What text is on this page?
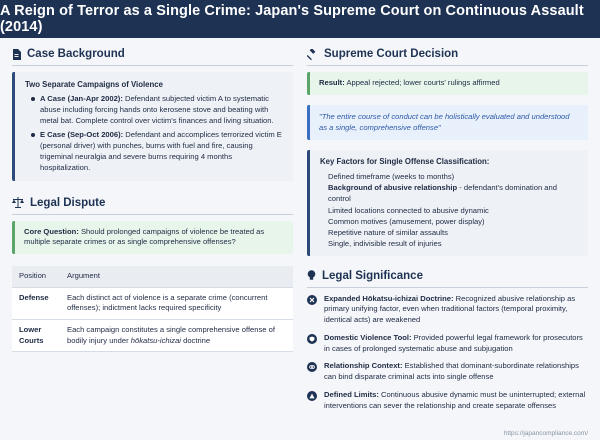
A Reign of Terror as a Single Crime: Japan's Supreme Court on Continuous Assault (2014)
Case Background
Two Separate Campaigns of Violence
A Case (Jan-Apr 2002): Defendant subjected victim A to systematic abuse including forcing hands onto kerosene stove and beating with metal bat. Complete control over victim's finances and living situation.
E Case (Sep-Oct 2006): Defendant and accomplices terrorized victim E (personal driver) with punches, burns with fuel and fire, causing trigeminal neuralgia and severe burns requiring 4 months hospitalization.
Legal Dispute
Core Question: Should prolonged campaigns of violence be treated as multiple separate crimes or as single comprehensive offenses?
Position	Argument
Defense	Each distinct act of violence is a separate crime (concurrent offenses); indictment lacks required specificity
Lower Courts	Each campaign constitutes a single comprehensive offense of bodily injury under hōkatsu-ichizai doctrine
Supreme Court Decision
Result: Appeal rejected; lower courts' rulings affirmed
"The entire course of conduct can be holistically evaluated and understood as a single, comprehensive offense"
Key Factors for Single Offense Classification:
Defined timeframe (weeks to months)
Background of abusive relationship - defendant's domination and control
Limited locations connected to abusive dynamic
Common motives (amusement, power display)
Repetitive nature of similar assaults
Single, indivisible result of injuries
Legal Significance
Expanded Hōkatsu-ichizai Doctrine: Recognized abusive relationship as primary unifying factor, even when traditional factors (temporal proximity, identical acts) are weakened
Domestic Violence Tool: Provided powerful legal framework for prosecutors in cases of prolonged systematic abuse and subjugation
Relationship Context: Established that dominant-subordinate relationships can bind disparate criminal acts into single offense
Defined Limits: Continuous abusive dynamic must be uninterrupted; external interventions can sever the relationship and create separate offenses
https://japancompliance.com/
